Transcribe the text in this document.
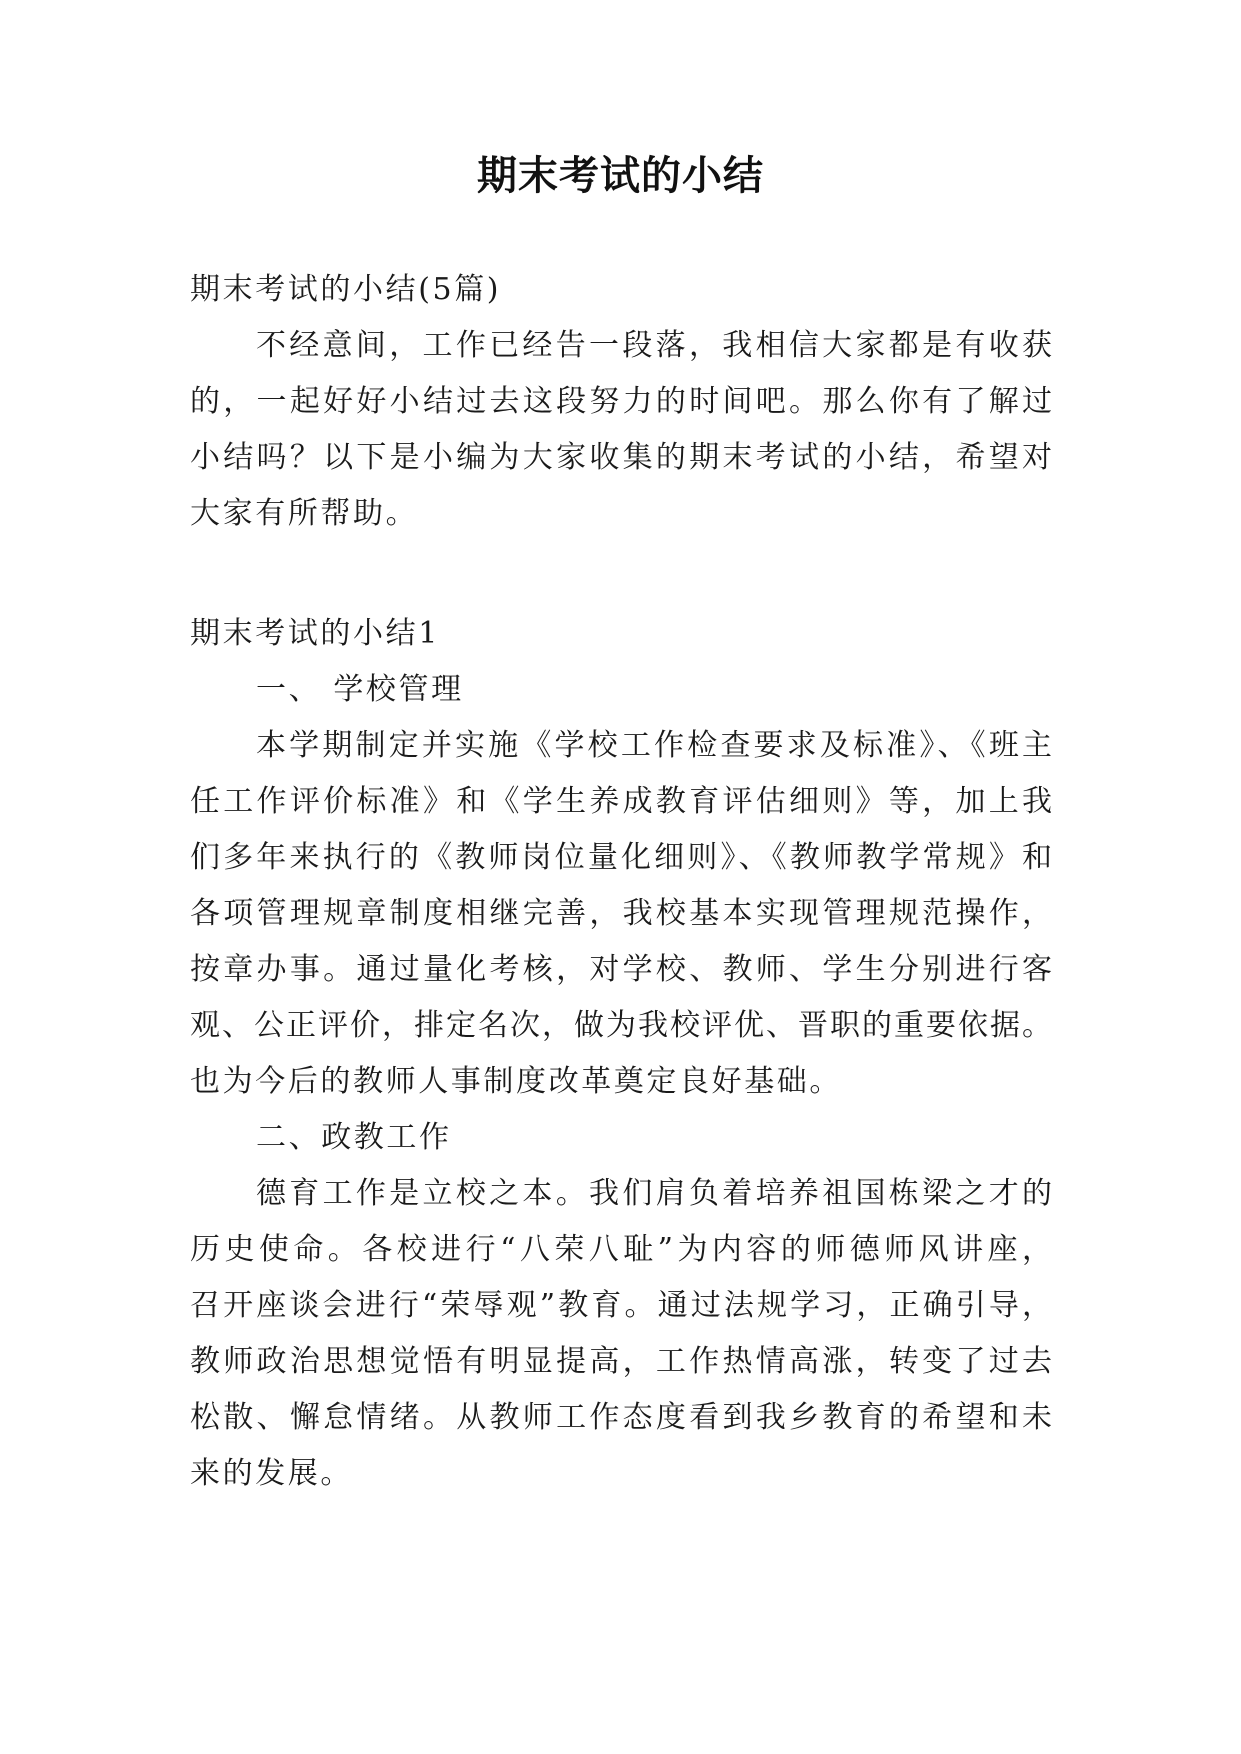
期末考试的小结

期末考试的小结(5篇)

不经意间，工作已经告一段落，我相信大家都是有收获

的，一起好好小结过去这段努力的时间吧。那么你有了解过

小结吗？以下是小编为大家收集的期末考试的小结，希望对

大家有所帮助。

期末考试的小结1

一、 学校管理

本学期制定并实施《学校工作检查要求及标准》、《班主

任工作评价标准》和《学生养成教育评估细则》等，加上我

们多年来执行的《教师岗位量化细则》、《教师教学常规》和

各项管理规章制度相继完善，我校基本实现管理规范操作，

按章办事。通过量化考核，对学校、教师、学生分别进行客

观、公正评价，排定名次，做为我校评优、晋职的重要依据。

也为今后的教师人事制度改革奠定良好基础。

二、政教工作

德育工作是立校之本。我们肩负着培养祖国栋梁之才的

历史使命。各校进行“八荣八耻”为内容的师德师风讲座，

召开座谈会进行“荣辱观”教育。通过法规学习，正确引导，

教师政治思想觉悟有明显提高，工作热情高涨，转变了过去

松散、懈怠情绪。从教师工作态度看到我乡教育的希望和未

来的发展。
